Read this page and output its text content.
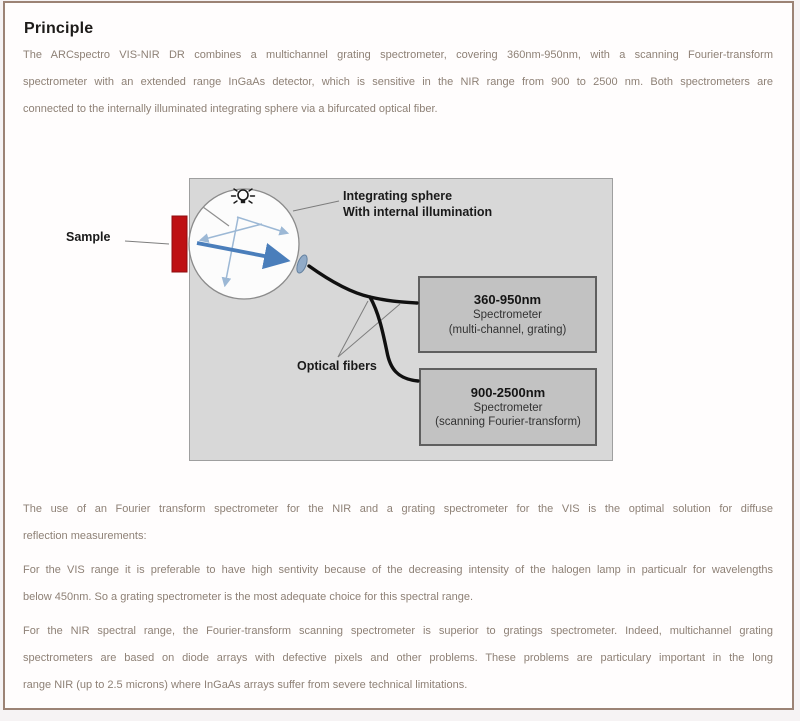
Principle
The ARCspectro VIS-NIR DR combines a multichannel grating spectrometer, covering 360nm-950nm, with a scanning Fourier-transform
spectrometer with an extended range InGaAs detector, which is sensitive in the NIR range from 900 to 2500 nm. Both spectrometers are
connected to the internally illuminated integrating sphere via a bifurcated optical fiber.
The use of an Fourier transform spectrometer for the NIR and a grating spectrometer for the VIS is the optimal solution for diffuse
reflection measurements:
For the VIS range it is preferable to have high sentivity because of the decreasing intensity of the halogen lamp in particualr for wavelengths
below 450nm. So a grating spectrometer is the most adequate choice for this spectral range.
For the NIR spectral range, the Fourier-transform scanning spectrometer is superior to gratings spectrometer. Indeed, multichannel grating
spectrometers are based on diode arrays with defective pixels and other problems. These problems are particulary important in the long
range NIR (up to 2.5 microns) where InGaAs arrays suffer from severe technical limitations.
360-950nm
Spectrometer
(multi-channel, grating)
900-2500nm
Spectrometer
(scanning Fourier-transform)
Sample
Integrating sphere
With internal illumination
Optical fibers
